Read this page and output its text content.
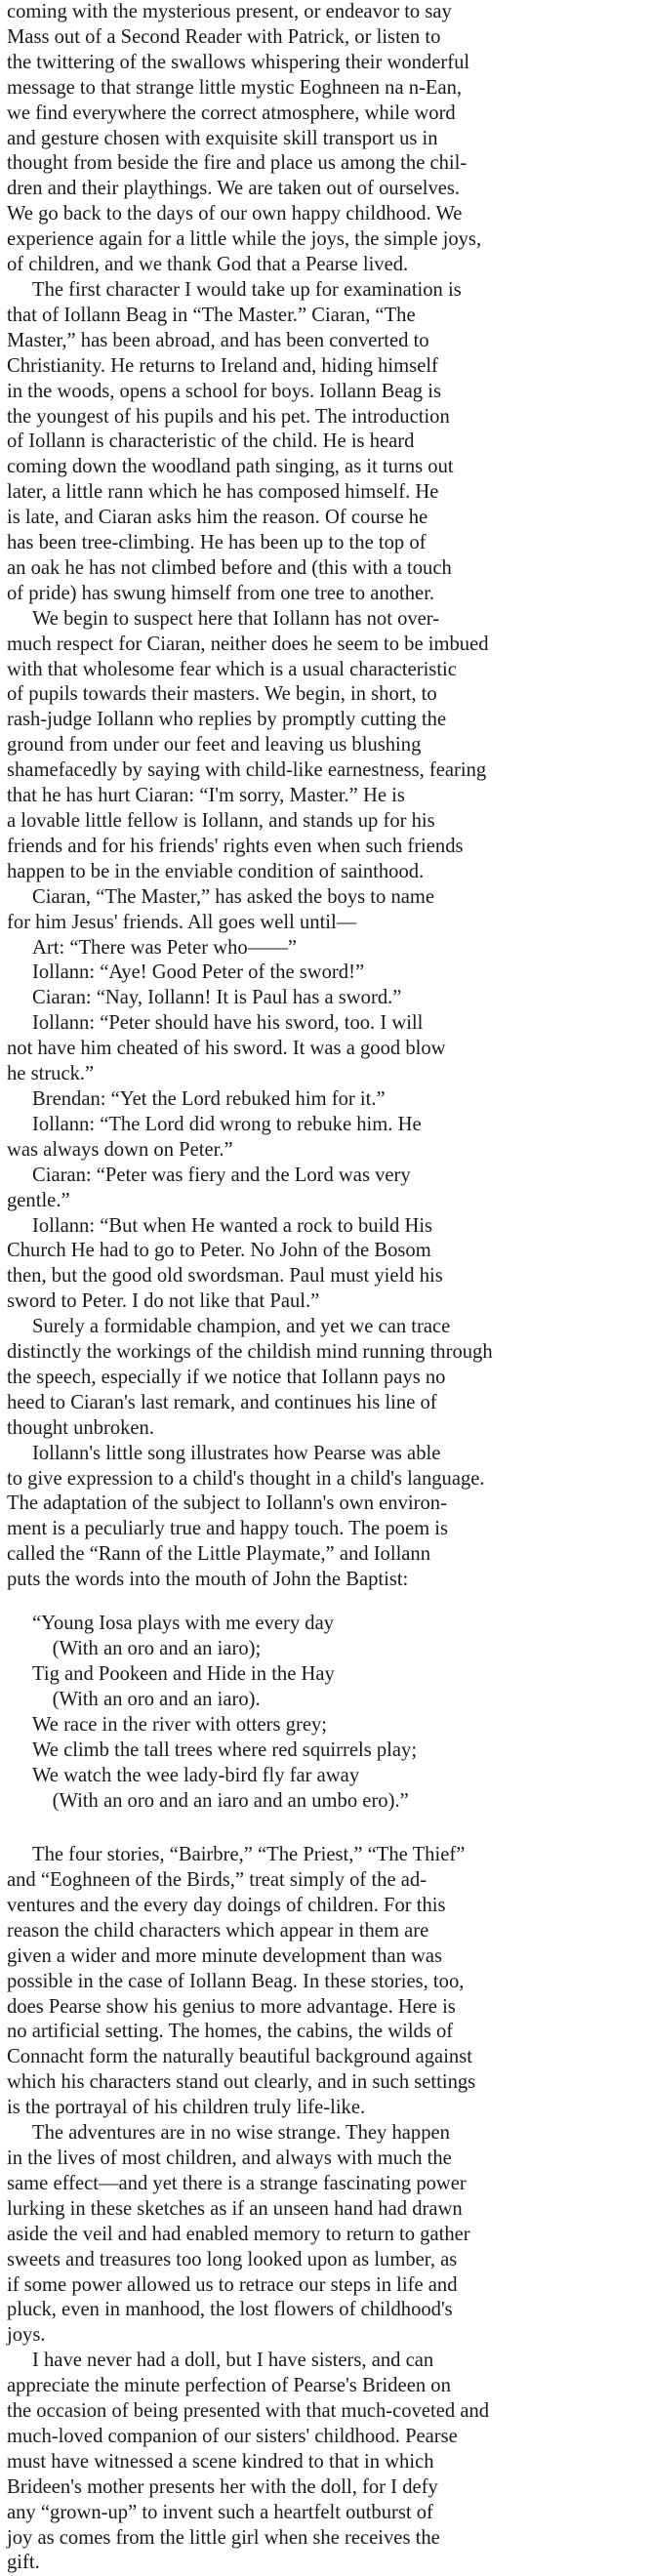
coming with the mysterious present, or endeavor to say
Mass out of a Second Reader with Patrick, or listen to
the twittering of the swallows whispering their wonderful
message to that strange little mystic Eoghneen na n-Ean,
we find everywhere the correct atmosphere, while word
and gesture chosen with exquisite skill transport us in
thought from beside the fire and place us among the chil-
dren and their playthings. We are taken out of ourselves.
We go back to the days of our own happy childhood. We
experience again for a little while the joys, the simple joys,
of children, and we thank God that a Pearse lived.

The first character I would take up for examination is
that of Iollann Beag in “The Master.” Ciaran, “The
Master,” has been abroad, and has been converted to
Christianity. He returns to Ireland and, hiding himself
in the woods, opens a school for boys. Iollann Beag is
the youngest of his pupils and his pet. The introduction
of Iollann is characteristic of the child. He is heard
coming down the woodland path singing, as it turns out
later, a little rann which he has composed himself. He
is late, and Ciaran asks him the reason. Of course he
has been tree-climbing. He has been up to the top of
an oak he has not climbed before and (this with a touch
of pride) has swung himself from one tree to another.

We begin to suspect here that Iollann has not over-
much respect for Ciaran, neither does he seem to be imbued
with that wholesome fear which is a usual characteristic
of pupils towards their masters. We begin, in short, to
rash-judge Iollann who replies by promptly cutting the
ground from under our feet and leaving us blushing
shamefacedly by saying with child-like earnestness, fearing
that he has hurt Ciaran: “I'm sorry, Master.” He is
a lovable little fellow is Iollann, and stands up for his
friends and for his friends' rights even when such friends
happen to be in the enviable condition of sainthood.

Ciaran, “The Master,” has asked the boys to name
for him Jesus' friends. All goes well until—

Art: “There was Peter who——”

Iollann: “Aye! Good Peter of the sword!”

Ciaran: “Nay, Iollann! It is Paul has a sword.”

Iollann: “Peter should have his sword, too. I will
not have him cheated of his sword. It was a good blow
he struck.”

Brendan: “Yet the Lord rebuked him for it.”

Iollann: “The Lord did wrong to rebuke him. He
was always down on Peter.”

Ciaran: “Peter was fiery and the Lord was very
gentle.”

Iollann: “But when He wanted a rock to build His
Church He had to go to Peter. No John of the Bosom
then, but the good old swordsman. Paul must yield his
sword to Peter. I do not like that Paul.”

Surely a formidable champion, and yet we can trace
distinctly the workings of the childish mind running through
the speech, especially if we notice that Iollann pays no
heed to Ciaran's last remark, and continues his line of
thought unbroken.

Iollann's little song illustrates how Pearse was able
to give expression to a child's thought in a child's language.
The adaptation of the subject to Iollann's own environ-
ment is a peculiarly true and happy touch. The poem is
called the “Rann of the Little Playmate,” and Iollann
puts the words into the mouth of John the Baptist:

“Young Iosa plays with me every day
(With an oro and an iaro);
Tig and Pookeen and Hide in the Hay
(With an oro and an iaro).
We race in the river with otters grey;
We climb the tall trees where red squirrels play;
We watch the wee lady-bird fly far away
(With an oro and an iaro and an umbo ero).”

The four stories, “Bairbre,” “The Priest,” “The Thief”
and “Eoghneen of the Birds,” treat simply of the ad-
ventures and the every day doings of children. For this
reason the child characters which appear in them are
given a wider and more minute development than was
possible in the case of Iollann Beag. In these stories, too,
does Pearse show his genius to more advantage. Here is
no artificial setting. The homes, the cabins, the wilds of
Connacht form the naturally beautiful background against
which his characters stand out clearly, and in such settings
is the portrayal of his children truly life-like.

The adventures are in no wise strange. They happen
in the lives of most children, and always with much the
same effect—and yet there is a strange fascinating power
lurking in these sketches as if an unseen hand had drawn
aside the veil and had enabled memory to return to gather
sweets and treasures too long looked upon as lumber, as
if some power allowed us to retrace our steps in life and
pluck, even in manhood, the lost flowers of childhood's
joys.

I have never had a doll, but I have sisters, and can
appreciate the minute perfection of Pearse's Brideen on
the occasion of being presented with that much-coveted and
much-loved companion of our sisters' childhood. Pearse
must have witnessed a scene kindred to that in which
Brideen's mother presents her with the doll, for I defy
any “grown-up” to invent such a heartfelt outburst of
joy as comes from the little girl when she receives the
gift.
